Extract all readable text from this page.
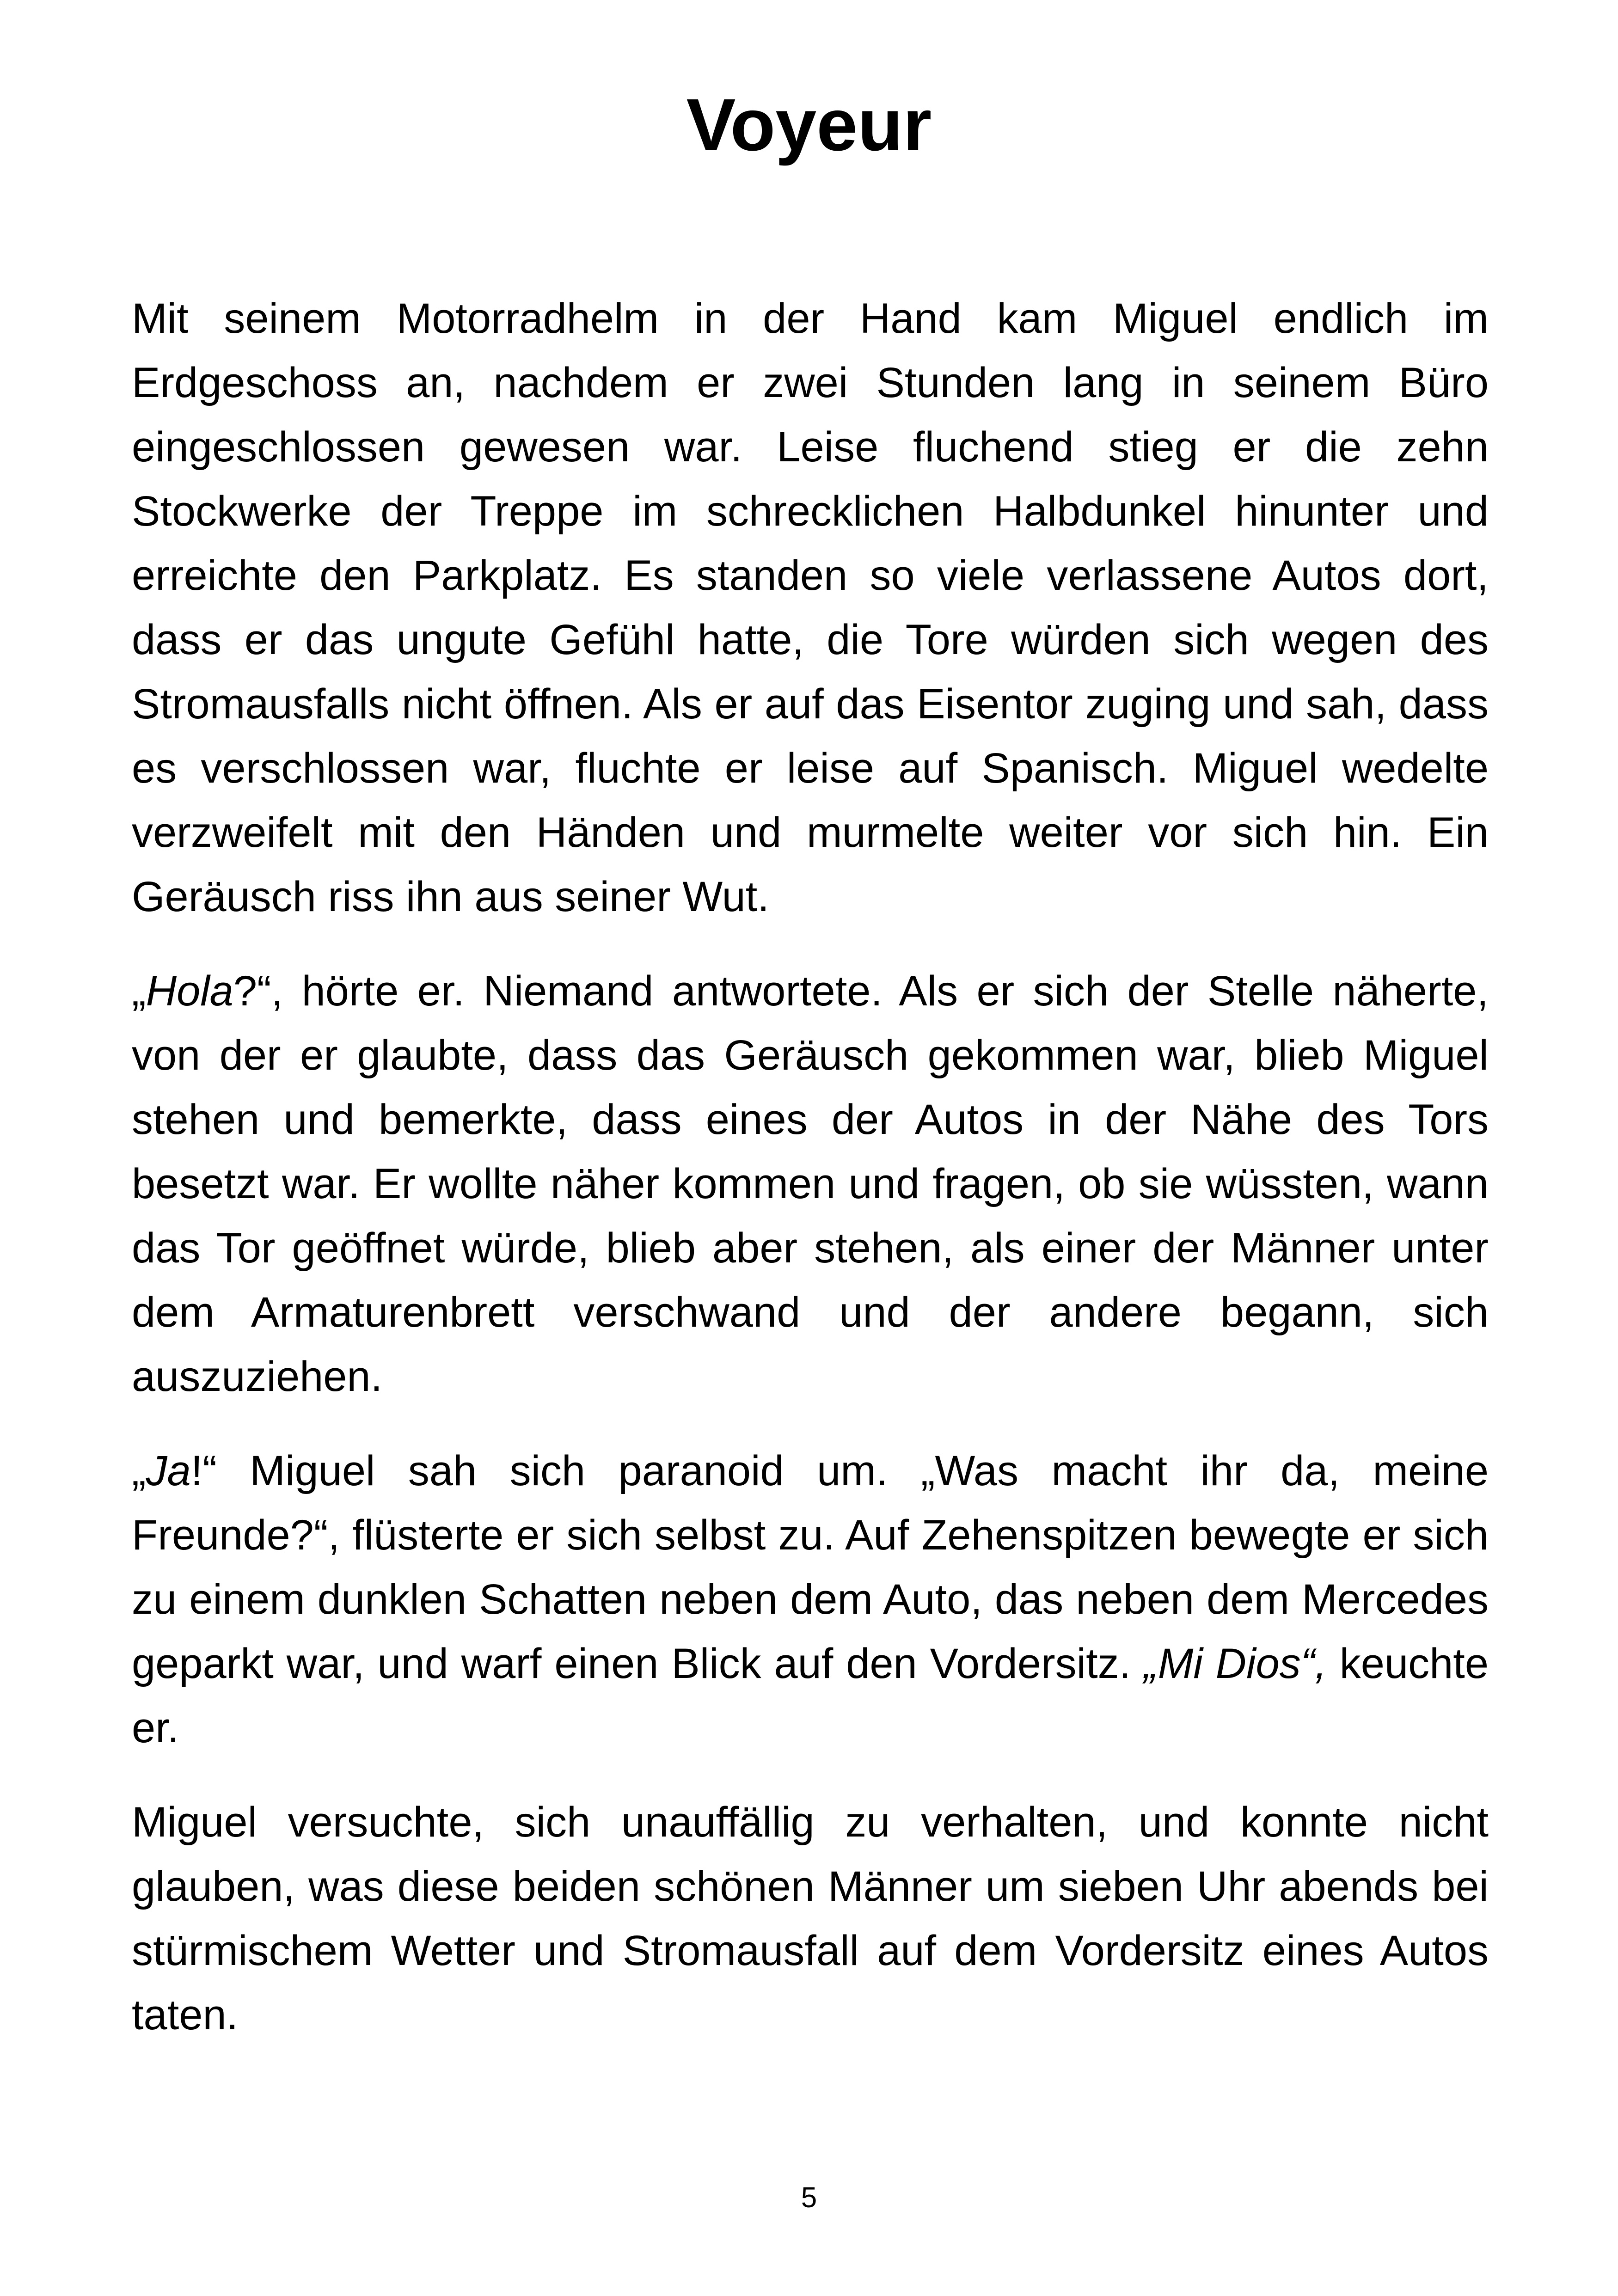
Voyeur

Mit seinem Motorradhelm in der Hand kam Miguel endlich im Erdgeschoss an, nachdem er zwei Stunden lang in seinem Büro eingeschlossen gewesen war. Leise fluchend stieg er die zehn Stockwerke der Treppe im schrecklichen Halbdunkel hinunter und erreichte den Parkplatz. Es standen so viele verlassene Autos dort, dass er das ungute Gefühl hatte, die Tore würden sich wegen des Stromausfalls nicht öffnen. Als er auf das Eisentor zuging und sah, dass es verschlossen war, fluchte er leise auf Spanisch. Miguel wedelte verzweifelt mit den Händen und murmelte weiter vor sich hin. Ein Geräusch riss ihn aus seiner Wut.

„Hola?“, hörte er. Niemand antwortete. Als er sich der Stelle näherte, von der er glaubte, dass das Geräusch gekommen war, blieb Miguel stehen und bemerkte, dass eines der Autos in der Nähe des Tors besetzt war. Er wollte näher kommen und fragen, ob sie wüssten, wann das Tor geöffnet würde, blieb aber stehen, als einer der Männer unter dem Armaturenbrett verschwand und der andere begann, sich auszuziehen.

„Ja!“ Miguel sah sich paranoid um. „Was macht ihr da, meine Freunde?“, flüsterte er sich selbst zu. Auf Zehenspitzen bewegte er sich zu einem dunklen Schatten neben dem Auto, das neben dem Mercedes geparkt war, und warf einen Blick auf den Vordersitz. „Mi Dios“, keuchte er.

Miguel versuchte, sich unauffällig zu verhalten, und konnte nicht glauben, was diese beiden schönen Männer um sieben Uhr abends bei stürmischem Wetter und Stromausfall auf dem Vordersitz eines Autos taten.

5
